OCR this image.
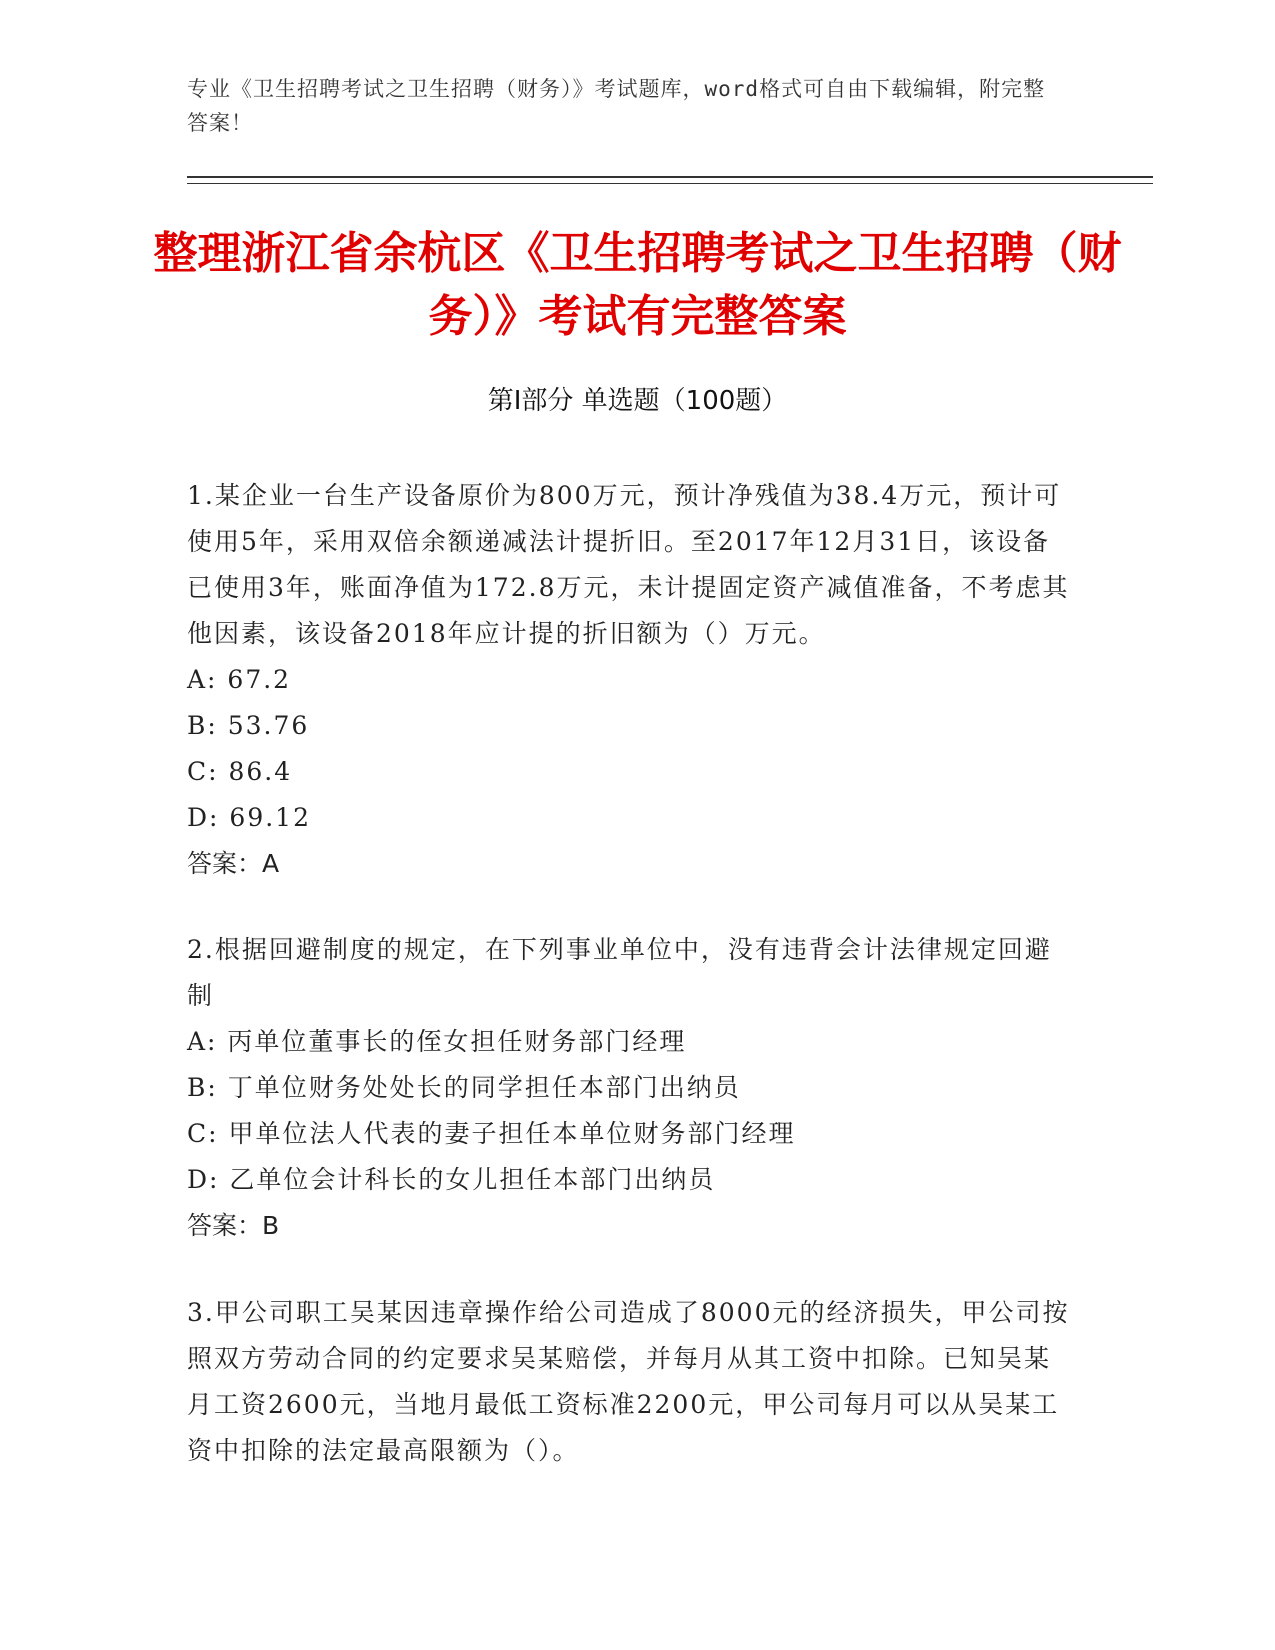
专业《卫生招聘考试之卫生招聘（财务）》考试题库，word格式可自由下载编辑，附完整答案！
整理浙江省余杭区《卫生招聘考试之卫生招聘（财务）》考试有完整答案
第Ⅰ部分 单选题（100题）

1.某企业一台生产设备原价为800万元，预计净残值为38.4万元，预计可使用5年，采用双倍余额递减法计提折旧。至2017年12月31日，该设备已使用3年，账面净值为172.8万元，未计提固定资产减值准备，不考虑其他因素，该设备2018年应计提的折旧额为（）万元。

A: 67.2

B: 53.76

C: 86.4

D: 69.12

答案：A

2.根据回避制度的规定，在下列事业单位中，没有违背会计法律规定回避制

A: 丙单位董事长的侄女担任财务部门经理

B: 丁单位财务处处长的同学担任本部门出纳员

C: 甲单位法人代表的妻子担任本单位财务部门经理

D: 乙单位会计科长的女儿担任本部门出纳员

答案：B

3.甲公司职工吴某因违章操作给公司造成了8000元的经济损失，甲公司按照双方劳动合同的约定要求吴某赔偿，并每月从其工资中扣除。已知吴某月工资2600元，当地月最低工资标准2200元，甲公司每月可以从吴某工资中扣除的法定最高限额为（）。
